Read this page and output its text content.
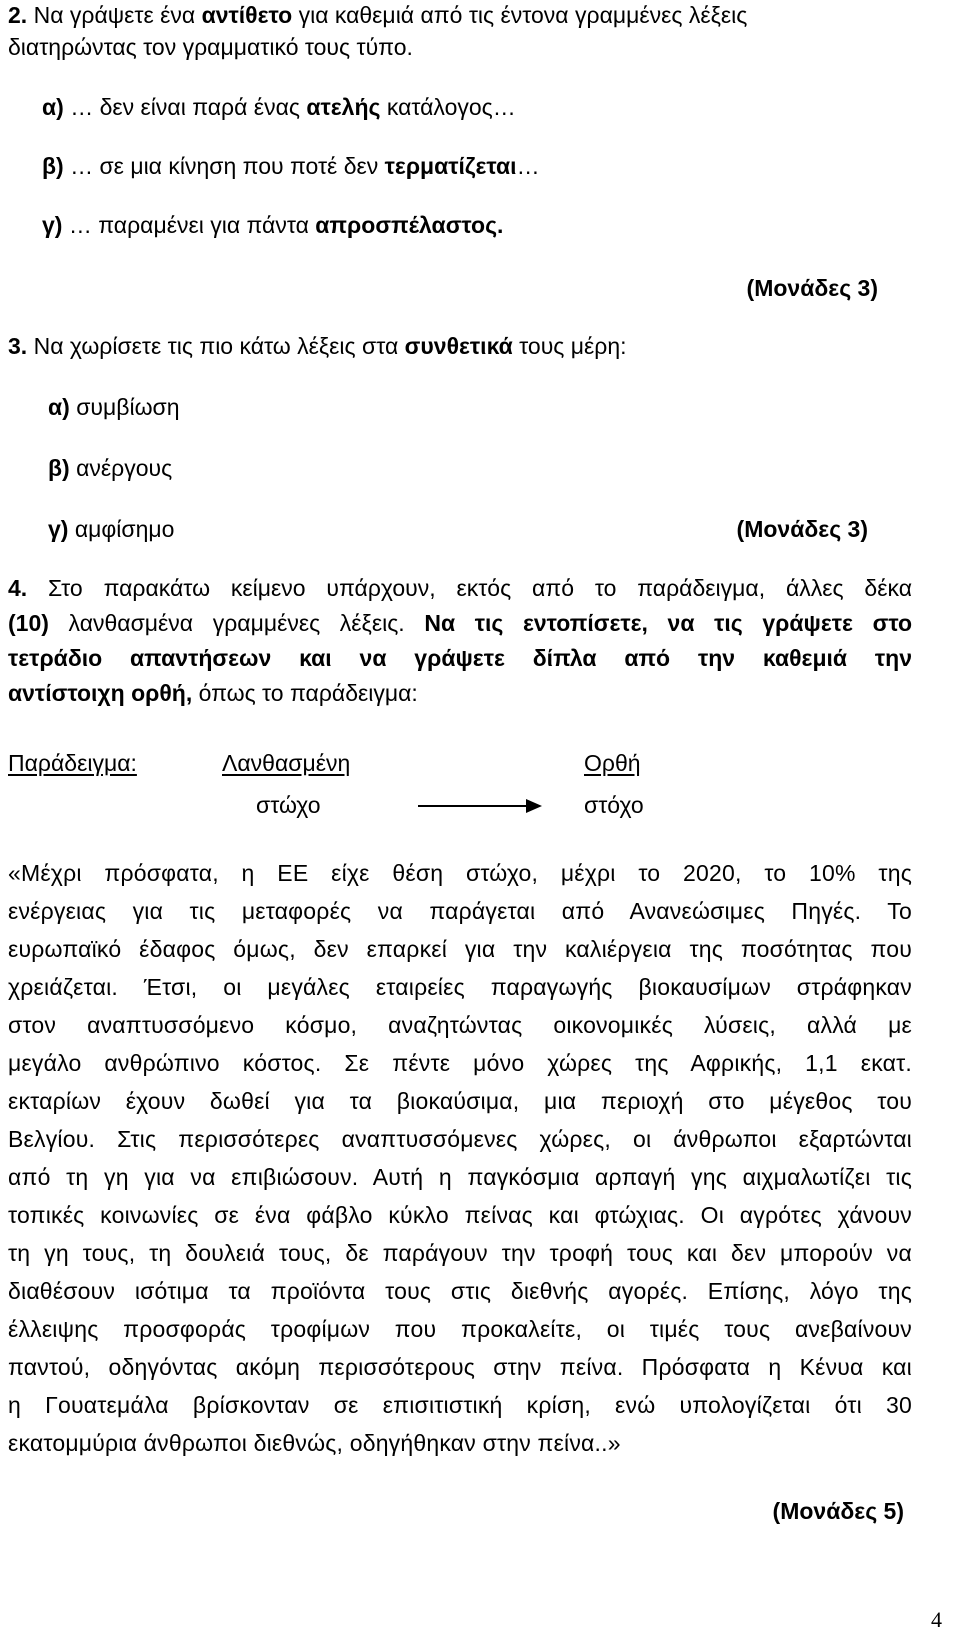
2. Να γράψετε ένα αντίθετο για καθεμιά από τις έντονα γραμμένες λέξεις
διατηρώντας τον γραμματικό τους τύπο.
α) … δεν είναι παρά ένας ατελής κατάλογος…
β) … σε μια κίνηση που ποτέ δεν τερματίζεται…
γ) … παραμένει για πάντα απροσπέλαστος.
(Μονάδες 3)
3. Να χωρίσετε τις πιο κάτω λέξεις στα συνθετικά τους μέρη:
α) συμβίωση
β) ανέργους
γ) αμφίσημο	(Μονάδες 3)
4. Στο παρακάτω κείμενο υπάρχουν, εκτός από το παράδειγμα, άλλες δέκα
(10) λανθασμένα γραμμένες λέξεις. Να τις εντοπίσετε, να τις γράψετε στο
τετράδιο απαντήσεων και να γράψετε δίπλα από την καθεμιά την
αντίστοιχη ορθή, όπως το παράδειγμα:
Παράδειγμα:	Λανθασμένη	Ορθή
στώχο	στόχο
«Μέχρι πρόσφατα, η ΕΕ είχε θέση στώχο, μέχρι το 2020, το 10% της
ενέργειας για τις μεταφορές να παράγεται από Ανανεώσιμες Πηγές. Το
ευρωπαϊκό έδαφος όμως, δεν επαρκεί για την καλιέργεια της ποσότητας που
χρειάζεται. Έτσι, οι μεγάλες εταιρείες παραγωγής βιοκαυσίμων στράφηκαν
στον αναπτυσσόμενο κόσμο, αναζητώντας οικονομικές λύσεις, αλλά με
μεγάλο ανθρώπινο κόστος. Σε πέντε μόνο χώρες της Αφρικής, 1,1 εκατ.
εκταρίων έχουν δωθεί για τα βιοκαύσιμα, μια περιοχή στο μέγεθος του
Βελγίου. Στις περισσότερες αναπτυσσόμενες χώρες, οι άνθρωποι εξαρτώνται
από τη γη για να επιβιώσουν. Αυτή η παγκόσμια αρπαγή γης αιχμαλωτίζει τις
τοπικές κοινωνίες σε ένα φάβλο κύκλο πείνας και φτώχιας. Οι αγρότες χάνουν
τη γη τους, τη δουλειά τους, δε παράγουν την τροφή τους και δεν μπορούν να
διαθέσουν ισότιμα τα προϊόντα τους στις διεθνής αγορές. Επίσης, λόγο της
έλλειψης προσφοράς τροφίμων που προκαλείτε, οι τιμές τους ανεβαίνουν
παντού, οδηγόντας ακόμη περισσότερους στην πείνα. Πρόσφατα η Κένυα και
η Γουατεμάλα βρίσκονταν σε επισιτιστική κρίση, ενώ υπολογίζεται ότι 30
εκατομμύρια άνθρωποι διεθνώς, οδηγήθηκαν στην πείνα..»
(Μονάδες 5)
4
